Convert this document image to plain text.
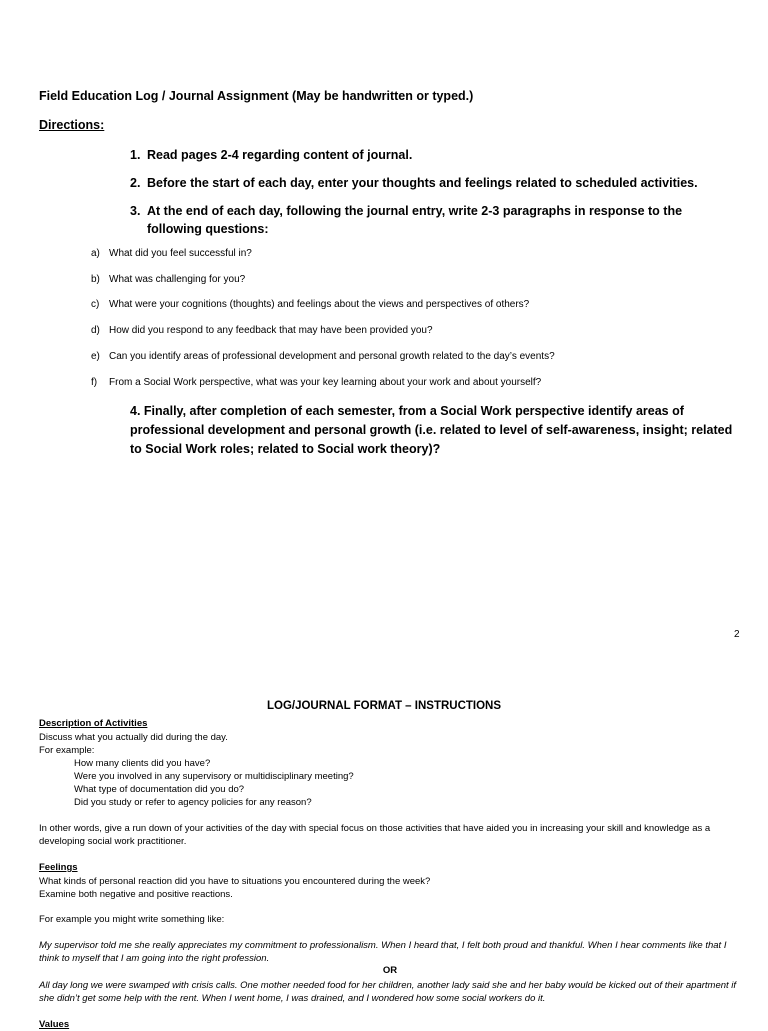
Field Education Log / Journal Assignment (May be handwritten or typed.)
Directions:
1. Read pages 2-4 regarding content of journal.
2. Before the start of each day, enter your thoughts and feelings related to scheduled activities.
3. At the end of each day, following the journal entry, write 2-3 paragraphs in response to the following questions:
a) What did you feel successful in?
b) What was challenging for you?
c) What were your cognitions (thoughts) and feelings about the views and perspectives of others?
d) How did you respond to any feedback that may have been provided you?
e) Can you identify areas of professional development and personal growth related to the day’s events?
f)	From a Social Work perspective, what was your key learning about your work and about yourself?
4. Finally, after completion of each semester, from a Social Work perspective identify areas of professional development and personal growth (i.e. related to level of self-awareness, insight; related to Social Work roles; related to Social work theory)?
2
LOG/JOURNAL FORMAT – INSTRUCTIONS
Description of Activities
Discuss what you actually did during the day.
For example:
How many clients did you have?
Were you involved in any supervisory or multidisciplinary meeting?
What type of documentation did you do?
Did you study or refer to agency policies for any reason?
In other words, give a run down of your activities of the day with special focus on those activities that have aided you in increasing your skill and knowledge as a developing social work practitioner.
Feelings
What kinds of personal reaction did you have to situations you encountered during the week?
Examine both negative and positive reactions.
For example you might write something like:
My supervisor told me she really appreciates my commitment to professionalism. When I heard that, I felt both proud and thankful. When I hear comments like that I think to myself that I am going into the right profession.
OR
All day long we were swamped with crisis calls. One mother needed food for her children, another lady said she and her baby would be kicked out of their apartment if she didn’t get some help with the rent. When I went home, I was drained, and I wondered how some social workers do it.
Values
